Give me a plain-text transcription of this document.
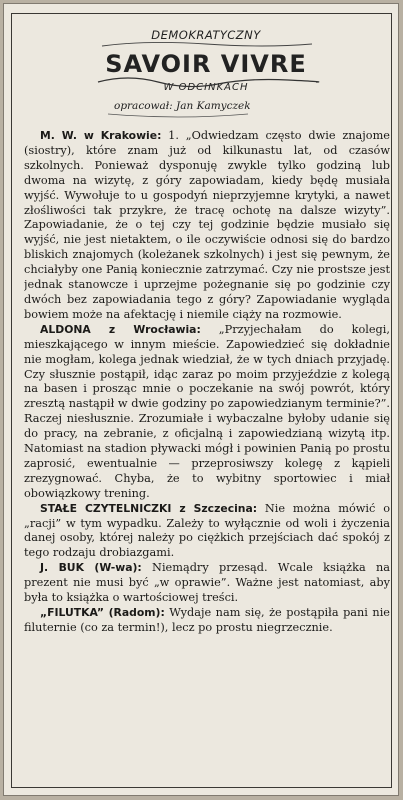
DEMOKRATYCZNY
SAVOIR VIVRE
W ODCINKACH
opracował: Jan Kamyczek

M. W. w Krakowie: 1. „Odwiedzam często dwie znajome (siostry), które znam już od kilkunastu lat, od czasów szkolnych. Ponieważ dysponuję zwykle tylko godziną lub dwoma na wizytę, z góry zapowiadam, kiedy będę musiała wyjść. Wywołuje to u gospodyń nieprzyjemne krytyki, a nawet złośliwości tak przykre, że tracę ochotę na dalsze wizyty”. Zapowiadanie, że o tej czy tej godzinie będzie musiało się wyjść, nie jest nietaktem, o ile oczywiście odnosi się do bardzo bliskich znajomych (koleżanek szkolnych) i jest się pewnym, że chciałyby one Panią koniecznie zatrzymać. Czy nie prostsze jest jednak stanowcze i uprzejme pożegnanie się po godzinie czy dwóch bez zapowiadania tego z góry? Zapowiadanie wygląda bowiem może na afektację i niemile ciąży na rozmowie.

ALDONA z Wrocławia: „Przyjechałam do kolegi, mieszkającego w innym mieście. Zapowiedzieć się dokładnie nie mogłam, kolega jednak wiedział, że w tych dniach przyjadę. Czy słusznie postąpił, idąc zaraz po moim przyjeździe z kolegą na basen i prosząc mnie o poczekanie na swój powrót, który zresztą nastąpił w dwie godziny po zapowiedzianym terminie?”. Raczej niesłusznie. Zrozumiałe i wybaczalne byłoby udanie się do pracy, na zebranie, z oficjalną i zapowiedzianą wizytą itp. Natomiast na stadion pływacki mógł i powinien Panią po prostu zaprosić, ewentualnie — przeprosiwszy kolegę z kąpieli zrezygnować. Chyba, że to wybitny sportowiec i miał obowiązkowy trening.

STAŁE CZYTELNICZKI z Szczecina: Nie można mówić o „racji” w tym wypadku. Zależy to wyłącznie od woli i życzenia danej osoby, której należy po ciężkich przejściach dać spokój z tego rodzaju drobiazgami.

J. BUK (W-wa): Niemądry przesąd. Wcale książka na prezent nie musi być „w oprawie”. Ważne jest natomiast, aby była to książka o wartościowej treści.

„FILUTKA” (Radom): Wydaje nam się, że postąpiła pani nie filuternie (co za termin!), lecz po prostu niegrzecznie.
